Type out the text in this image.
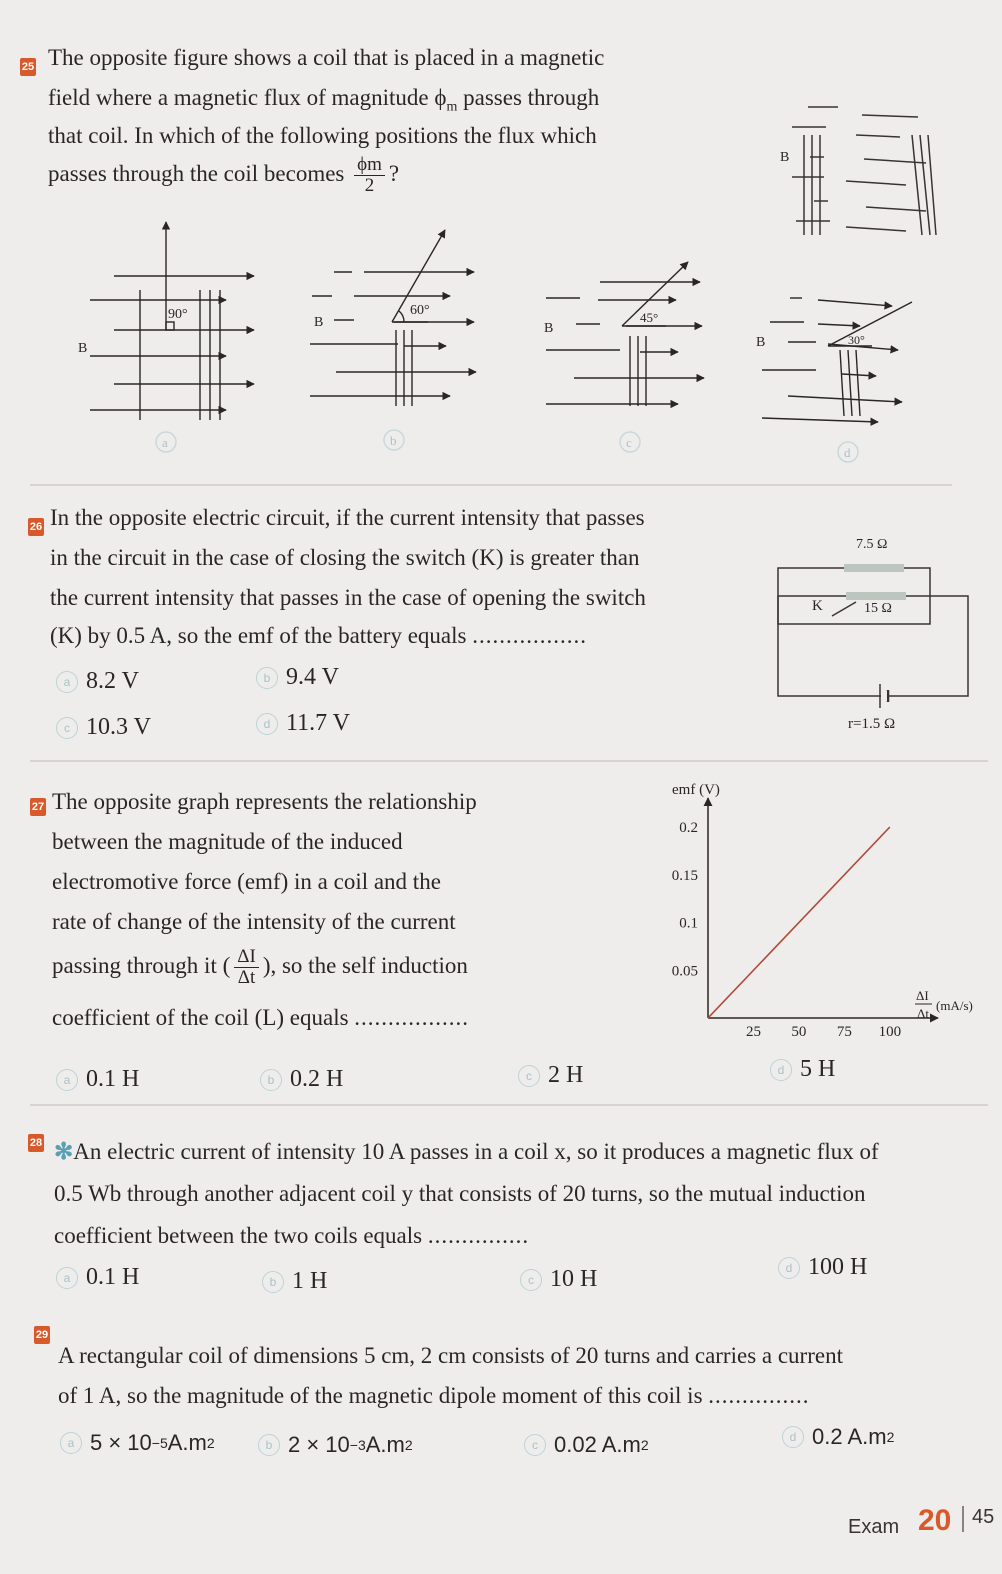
25 The opposite figure shows a coil that is placed in a magnetic
field where a magnetic flux of magnitude $\phi_m$ passes through
that coil. In which of the following positions the flux which
passes through the coil becomes $\frac{\phi m}{2}$ ?
B
90°
B
a
60°
B
b
45°
B
c
30°
B
d
26 In the opposite electric circuit, if the current intensity that passes
in the circuit in the case of closing the switch (K) is greater than
the current intensity that passes in the case of opening the switch
(K) by 0.5 A, so the emf of the battery equals .................
a 8.2 V	b 9.4 V
c 10.3 V	d 11.7 V
7.5 Ω
15 Ω
K
r=1.5 Ω
27 The opposite graph represents the relationship
between the magnitude of the induced
electromotive force (emf) in a coil and the
rate of change of the intensity of the current
passing through it ( $\frac{\Delta I}{\Delta t}$ ), so the self induction
coefficient of the coil (L) equals .................
emf (V)
25 50 75 100
0.05
0.1
0.15
0.2
ΔI
Δt
(mA/s)
a 0.1 H	b 0.2 H	c 2 H	d 5 H
28 ✻An electric current of intensity 10 A passes in a coil x, so it produces a magnetic flux of
0.5 Wb through another adjacent coil y that consists of 20 turns, so the mutual induction
coefficient between the two coils equals ...............
a 0.1 H	b 1 H	c 10 H	d 100 H
29
A rectangular coil of dimensions 5 cm, 2 cm consists of 20 turns and carries a current
of 1 A, so the magnitude of the magnetic dipole moment of this coil is ...............
a 5 × 10 −5 A.m 2	b 2 × 10 −3 A.m 2	c 0.02 A.m 2	d 0.2 A.m 2
Exam 20 45
